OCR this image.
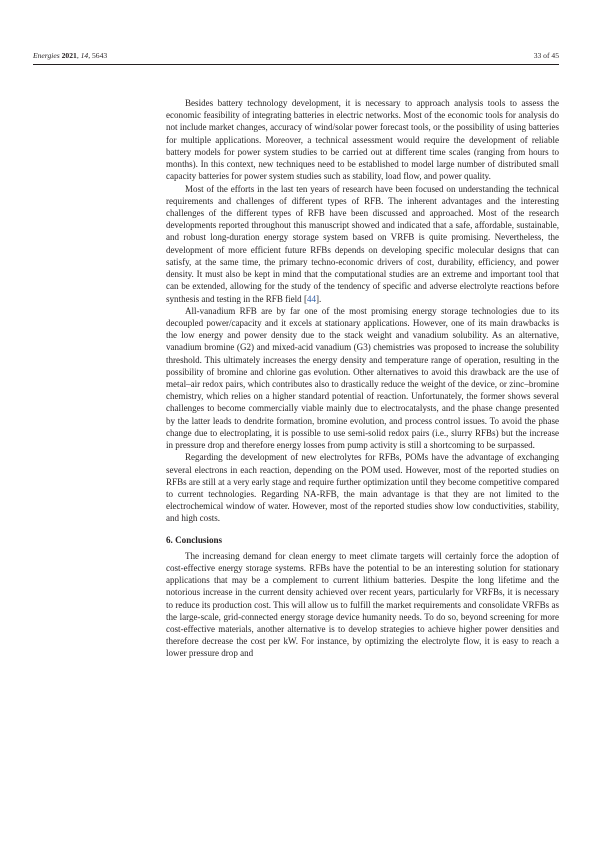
Energies 2021, 14, 5643	33 of 45

Besides battery technology development, it is necessary to approach analysis tools to assess the economic feasibility of integrating batteries in electric networks. Most of the economic tools for analysis do not include market changes, accuracy of wind/solar power forecast tools, or the possibility of using batteries for multiple applications. Moreover, a technical assessment would require the development of reliable battery models for power system studies to be carried out at different time scales (ranging from hours to months). In this context, new techniques need to be established to model large number of distributed small capacity batteries for power system studies such as stability, load flow, and power quality.

Most of the efforts in the last ten years of research have been focused on understanding the technical requirements and challenges of different types of RFB. The inherent advantages and the interesting challenges of the different types of RFB have been discussed and approached. Most of the research developments reported throughout this manuscript showed and indicated that a safe, affordable, sustainable, and robust long-duration energy storage system based on VRFB is quite promising. Nevertheless, the development of more efficient future RFBs depends on developing specific molecular designs that can satisfy, at the same time, the primary techno-economic drivers of cost, durability, efficiency, and power density. It must also be kept in mind that the computational studies are an extreme and important tool that can be extended, allowing for the study of the tendency of specific and adverse electrolyte reactions before synthesis and testing in the RFB field [44].

All-vanadium RFB are by far one of the most promising energy storage technologies due to its decoupled power/capacity and it excels at stationary applications. However, one of its main drawbacks is the low energy and power density due to the stack weight and vanadium solubility. As an alternative, vanadium bromine (G2) and mixed-acid vanadium (G3) chemistries was proposed to increase the solubility threshold. This ultimately increases the energy density and temperature range of operation, resulting in the possibility of bromine and chlorine gas evolution. Other alternatives to avoid this drawback are the use of metal–air redox pairs, which contributes also to drastically reduce the weight of the device, or zinc–bromine chemistry, which relies on a higher standard potential of reaction. Unfortunately, the former shows several challenges to become commercially viable mainly due to electrocatalysts, and the phase change presented by the latter leads to dendrite formation, bromine evolution, and process control issues. To avoid the phase change due to electroplating, it is possible to use semi-solid redox pairs (i.e., slurry RFBs) but the increase in pressure drop and therefore energy losses from pump activity is still a shortcoming to be surpassed.

Regarding the development of new electrolytes for RFBs, POMs have the advantage of exchanging several electrons in each reaction, depending on the POM used. However, most of the reported studies on RFBs are still at a very early stage and require further optimization until they become competitive compared to current technologies. Regarding NA-RFB, the main advantage is that they are not limited to the electrochemical window of water. However, most of the reported studies show low conductivities, stability, and high costs.

6. Conclusions

The increasing demand for clean energy to meet climate targets will certainly force the adoption of cost-effective energy storage systems. RFBs have the potential to be an interesting solution for stationary applications that may be a complement to current lithium batteries. Despite the long lifetime and the notorious increase in the current density achieved over recent years, particularly for VRFBs, it is necessary to reduce its production cost. This will allow us to fulfill the market requirements and consolidate VRFBs as the large-scale, grid-connected energy storage device humanity needs. To do so, beyond screening for more cost-effective materials, another alternative is to develop strategies to achieve higher power densities and therefore decrease the cost per kW. For instance, by optimizing the electrolyte flow, it is easy to reach a lower pressure drop and
